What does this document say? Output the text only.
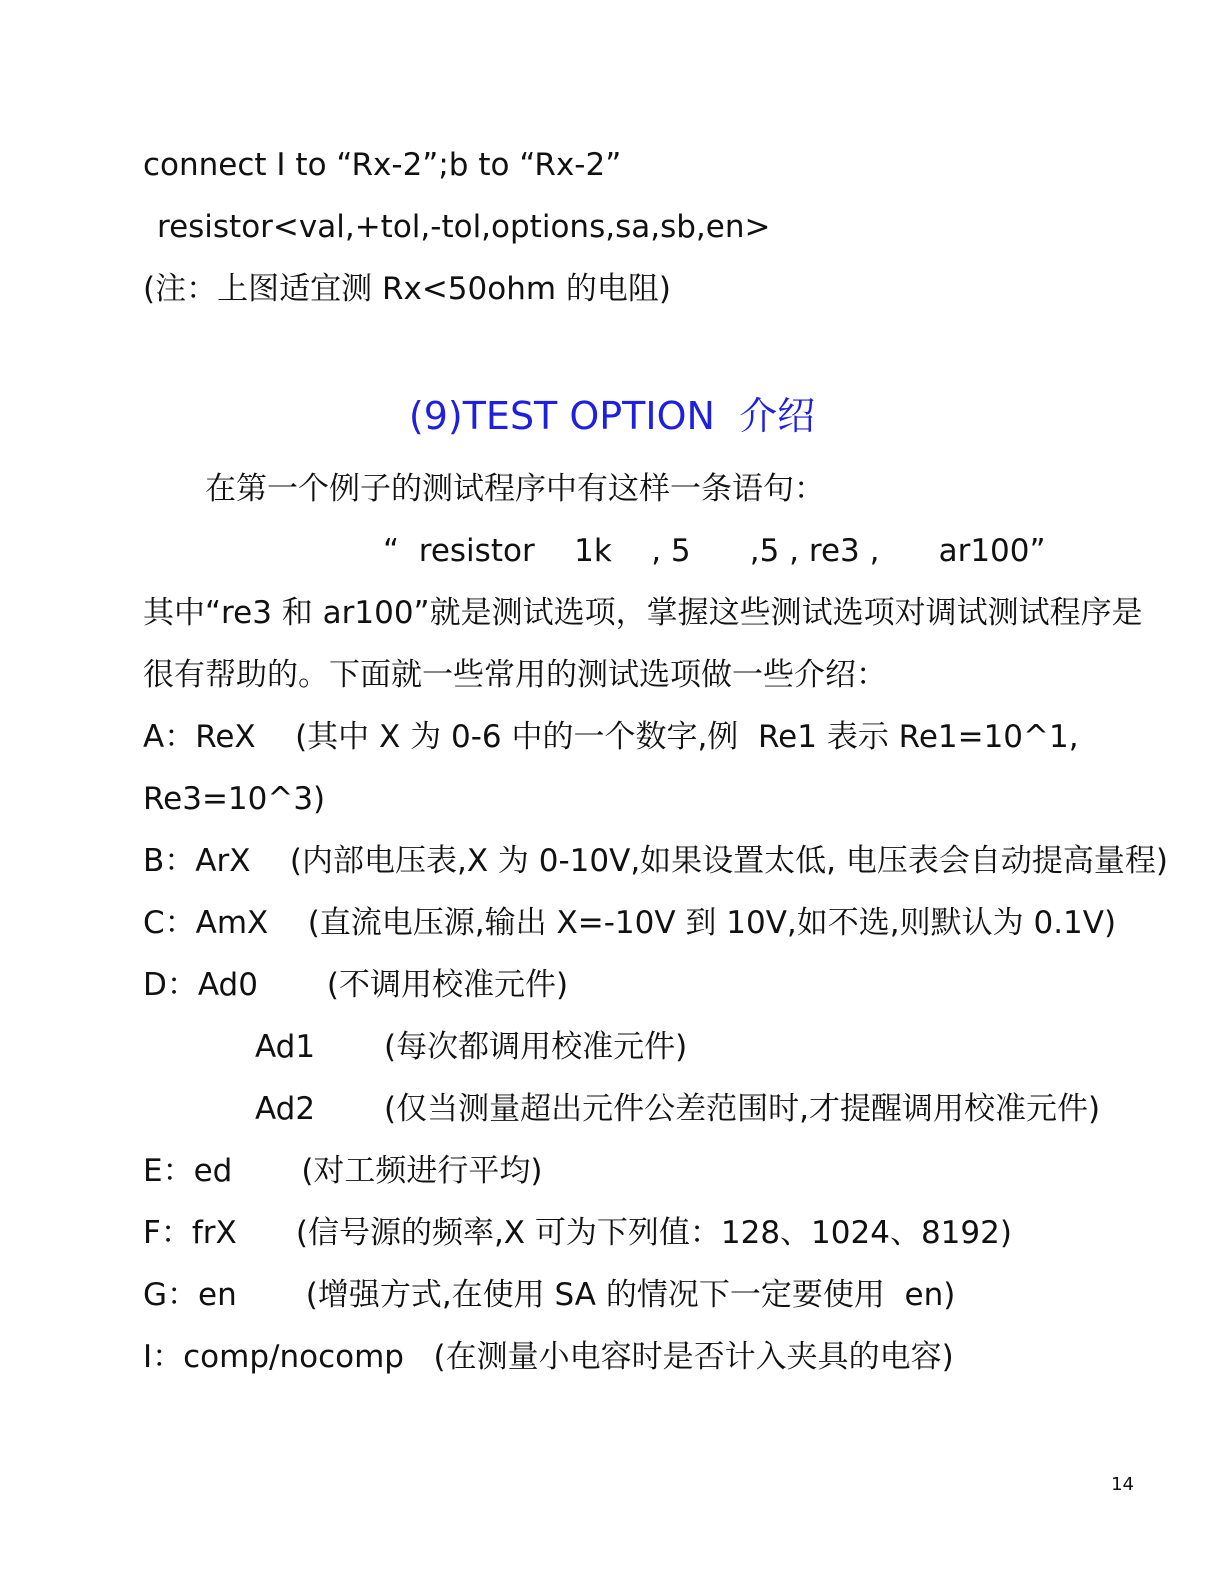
connect I to “Rx-2”;b to “Rx-2”
resistor<val,+tol,-tol,options,sa,sb,en>
(注：上图适宜测 Rx<50ohm 的电阻)
(9)TEST OPTION  介绍
在第一个例子的测试程序中有这样一条语句：
“  resistor    1k    , 5      ,5 , re3 ,      ar100”
其中“re3 和 ar100”就是测试选项，掌握这些测试选项对调试测试程序是
很有帮助的。下面就一些常用的测试选项做一些介绍：
A：ReX    (其中 X 为 0-6 中的一个数字,例  Re1 表示 Re1=10^1,
Re3=10^3)
B：ArX    (内部电压表,X 为 0-10V,如果设置太低, 电压表会自动提高量程)
C：AmX    (直流电压源,输出 X=-10V 到 10V,如不选,则默认为 0.1V)
D：Ad0       (不调用校准元件)
Ad1       (每次都调用校准元件)
Ad2       (仅当测量超出元件公差范围时,才提醒调用校准元件)
E：ed       (对工频进行平均)
F：frX      (信号源的频率,X 可为下列值：128、1024、8192)
G：en       (增强方式,在使用 SA 的情况下一定要使用  en)
I：comp/nocomp   (在测量小电容时是否计入夹具的电容)
14
